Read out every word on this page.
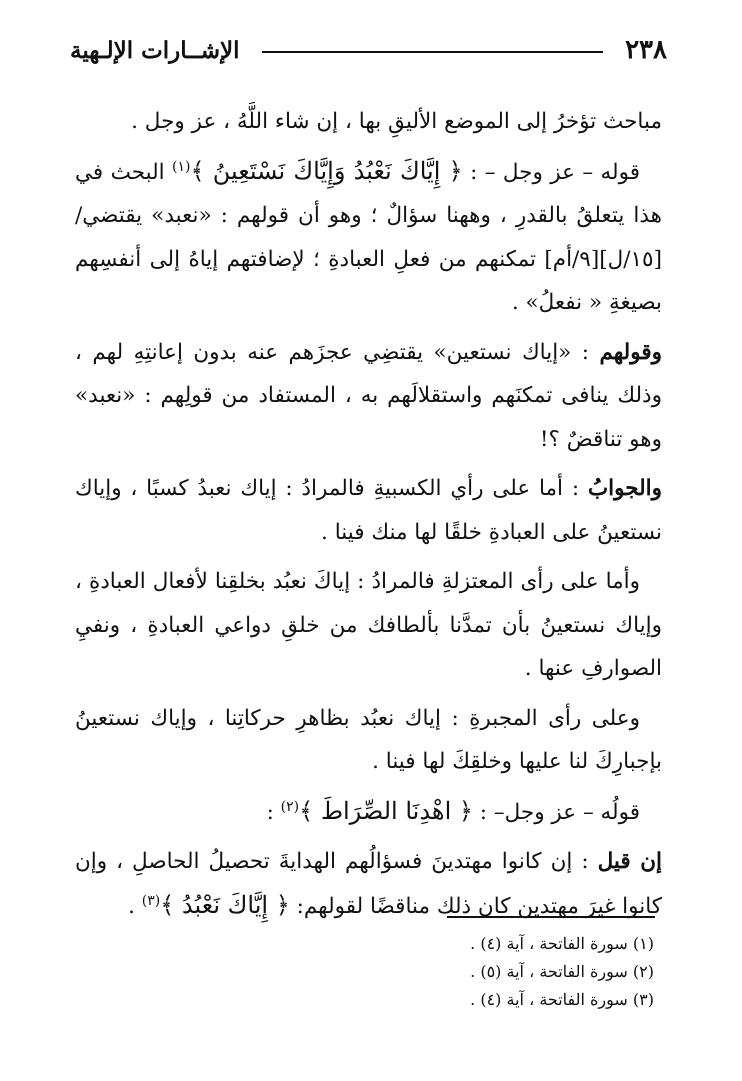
٢٣٨
الإشــارات الإلـهية

مباحث تؤخرُ إلى الموضع الأليقِ بها ، إن شاء اللَّهُ ، عز وجل .

قوله – عز وجل – : ﴿ إِيَّاكَ نَعْبُدُ وَإِيَّاكَ نَسْتَعِينُ ﴾$^{(١)}$ البحث في هذا يتعلقُ بالقدرِ ، وههنا سؤالٌ ؛ وهو أن قولهم : «نعبد» يقتضي/ [١٥/ل][٩/أم] تمكنهم من فعلِ العبادةِ ؛ لإضافتهم إياهُ إلى أنفسِهم بصيغةِ « نفعلُ» .

وقولهم : «إياك نستعين» يقتضِي عجزَهم عنه بدون إعانتِهِ لهم ، وذلك ينافى تمكنَهم واستقلالَهم به ، المستفاد من قولِهم : «نعبد» وهو تناقضٌ ؟!

والجوابُ : أما على رأي الكسبيةِ فالمرادُ : إياك نعبدُ كسبًا ، وإياك نستعينُ على العبادةِ خلقًا لها منك فينا .

وأما على رأى المعتزلةِ فالمرادُ : إياكَ نعبُد بخلقِنا لأفعال العبادةِ ، وإياك نستعينُ بأن تمدَّنا بألطافك من خلقِ دواعي العبادةِ ، ونفيِ الصوارفِ عنها .

وعلى رأى المجبرةِ : إياك نعبُد بظاهرِ حركاتِنا ، وإياك نستعينُ بإجبارِكَ لنا عليها وخلقِكَ لها فينا .

قولُه – عز وجل– : ﴿ اهْدِنَا الصِّرَاطَ ﴾$^{(٢)}$ :

إن قيل : إن كانوا مهتدينَ فسؤالُهم الهدايةَ تحصيلُ الحاصلِ ، وإن كانوا غيرَ مهتدين كان ذلك مناقضًا لقولهم: ﴿ إِيَّاكَ نَعْبُدُ ﴾$^{(٣)}$ .

(١) سورة الفاتحة ، آية (٤) .
(٢) سورة الفاتحة ، آية (٥) .
(٣) سورة الفاتحة ، آية (٤) .
